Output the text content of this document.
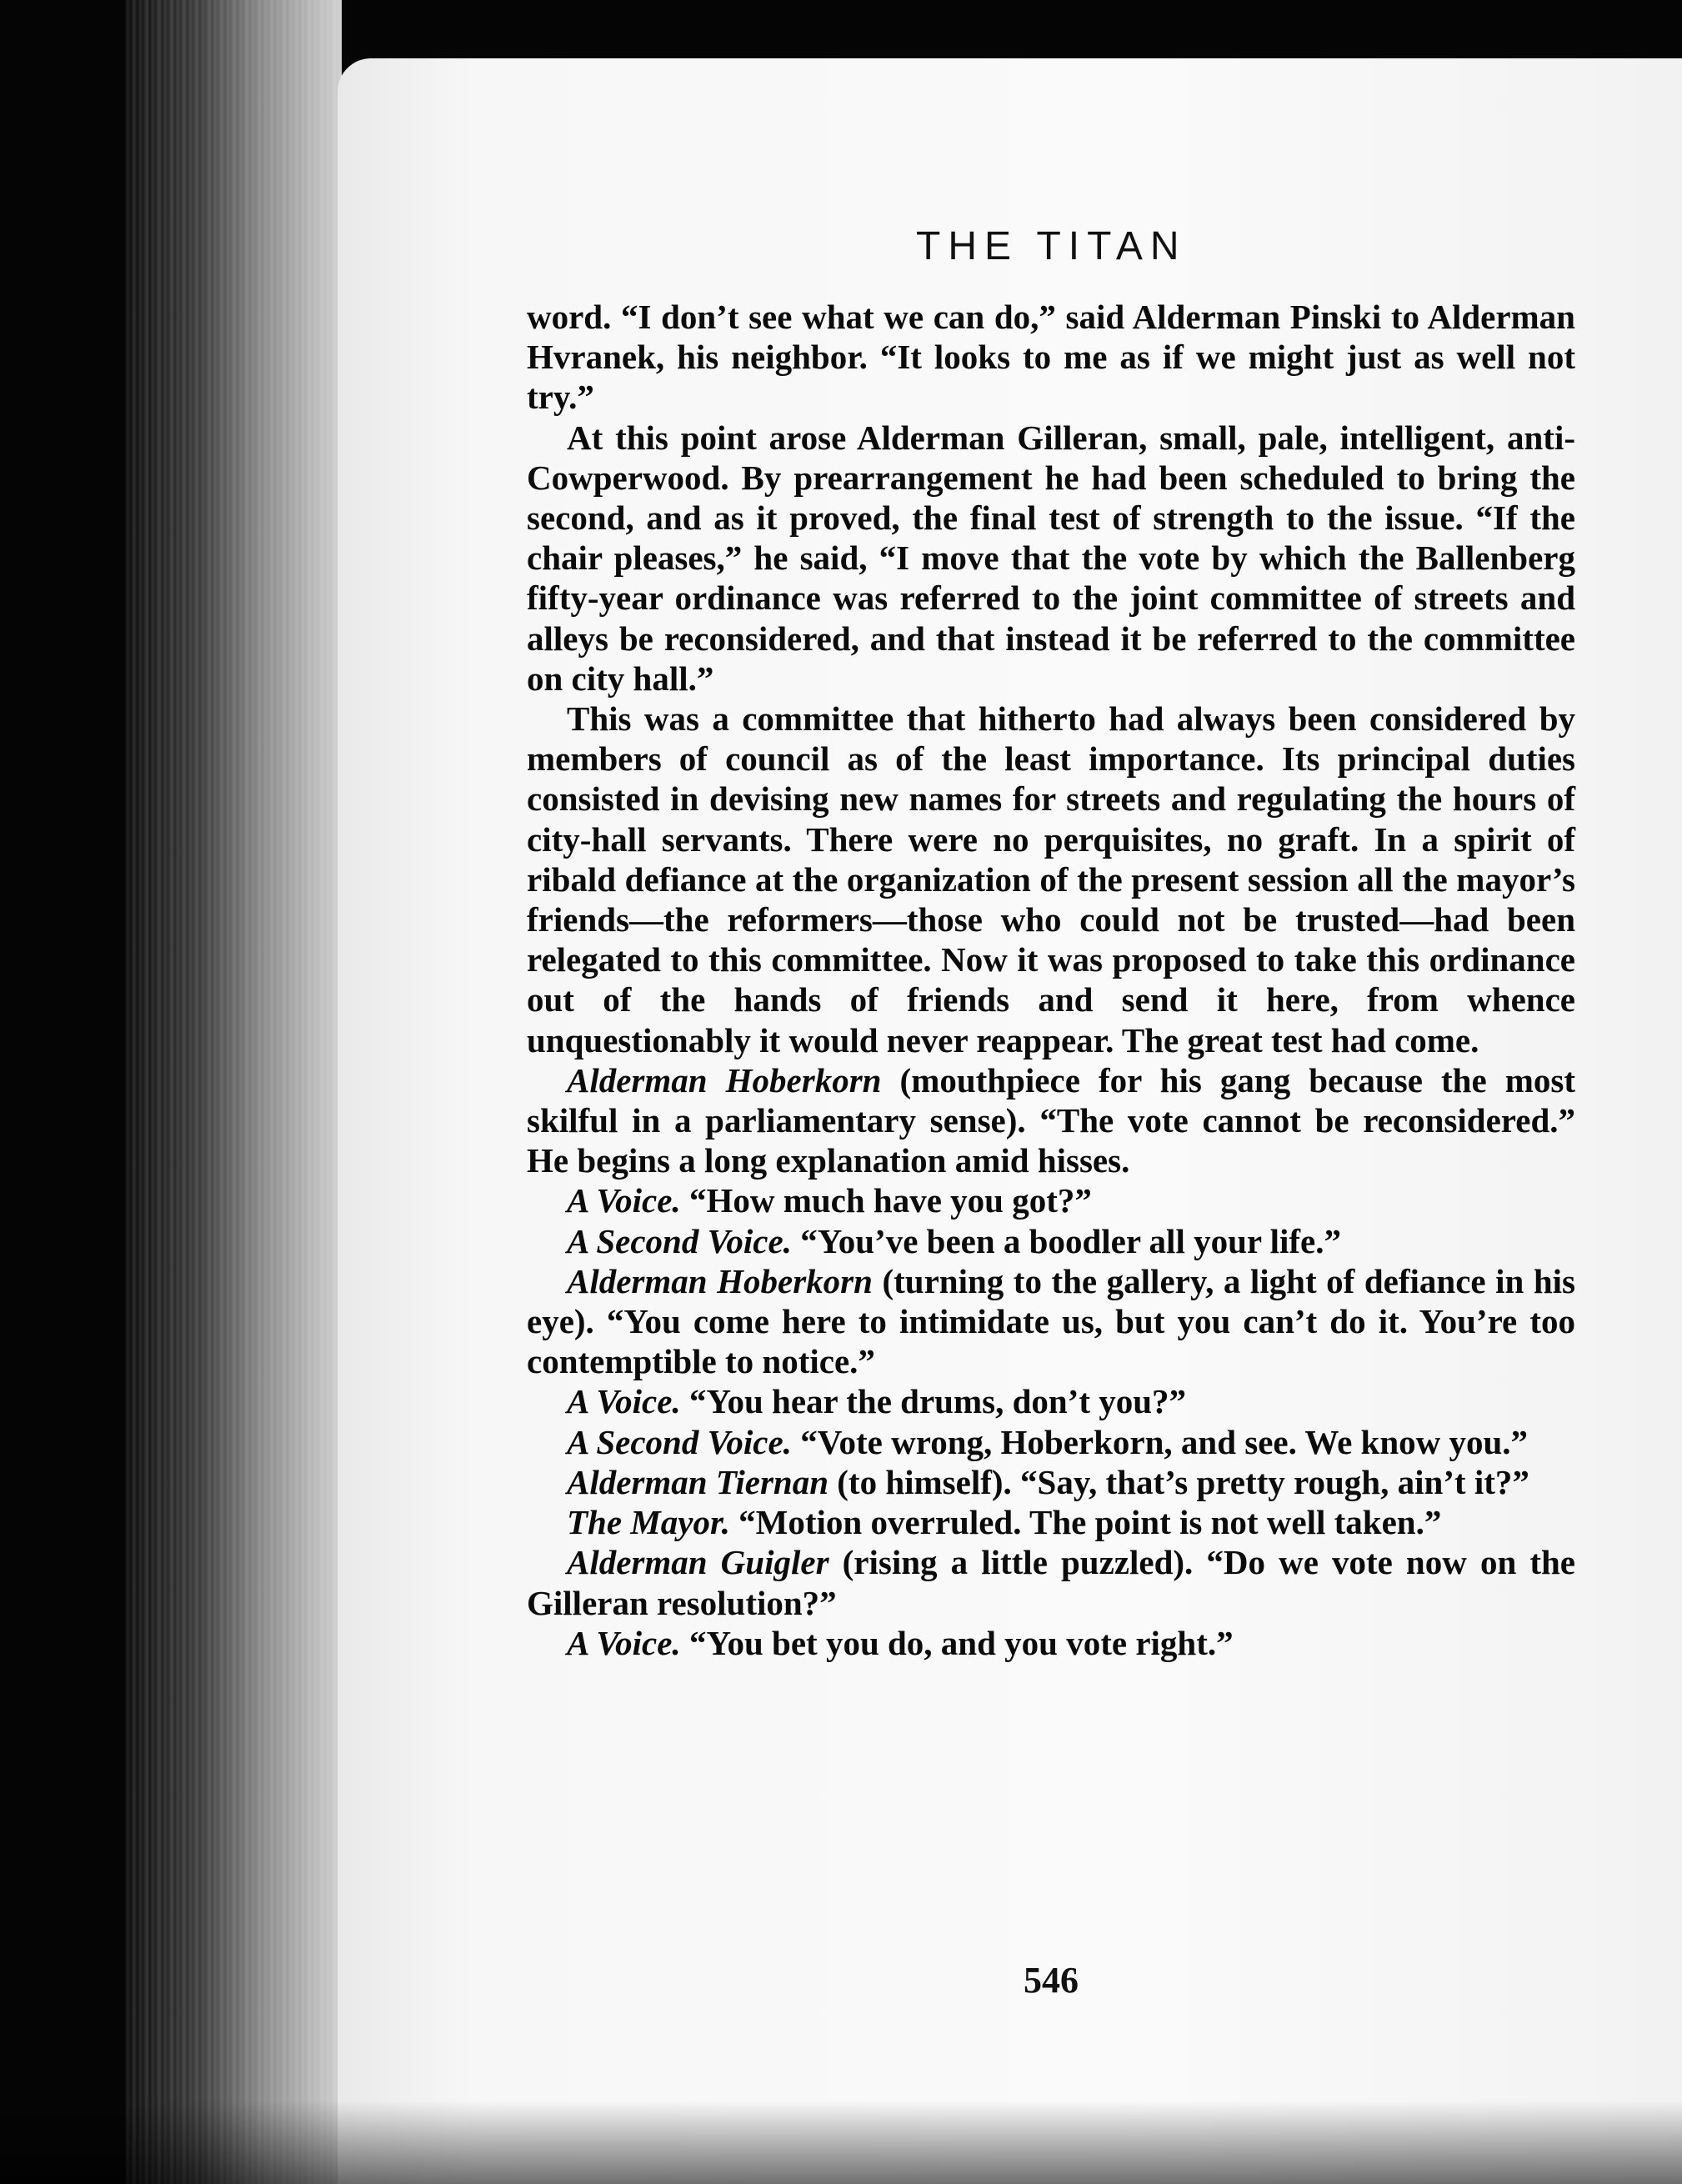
THE TITAN

word. “I don’t see what we can do,” said Alderman Pinski to Alderman Hvranek, his neighbor. “It looks to me as if we might just as well not try.”

At this point arose Alderman Gilleran, small, pale, intelligent, anti-Cowperwood. By prearrangement he had been scheduled to bring the second, and as it proved, the final test of strength to the issue. “If the chair pleases,” he said, “I move that the vote by which the Ballenberg fifty-year ordinance was referred to the joint committee of streets and alleys be reconsidered, and that instead it be referred to the committee on city hall.”

This was a committee that hitherto had always been considered by members of council as of the least importance. Its principal duties consisted in devising new names for streets and regulating the hours of city-hall servants. There were no perquisites, no graft. In a spirit of ribald defiance at the organization of the present session all the mayor’s friends—the reformers—those who could not be trusted—had been relegated to this committee. Now it was proposed to take this ordinance out of the hands of friends and send it here, from whence unquestionably it would never reappear. The great test had come.

Alderman Hoberkorn (mouthpiece for his gang because the most skilful in a parliamentary sense). “The vote cannot be reconsidered.” He begins a long explanation amid hisses.

A Voice. “How much have you got?”

A Second Voice. “You’ve been a boodler all your life.”

Alderman Hoberkorn (turning to the gallery, a light of defiance in his eye). “You come here to intimidate us, but you can’t do it. You’re too contemptible to notice.”

A Voice. “You hear the drums, don’t you?”

A Second Voice. “Vote wrong, Hoberkorn, and see. We know you.”

Alderman Tiernan (to himself). “Say, that’s pretty rough, ain’t it?”

The Mayor. “Motion overruled. The point is not well taken.”

Alderman Guigler (rising a little puzzled). “Do we vote now on the Gilleran resolution?”

A Voice. “You bet you do, and you vote right.”

546
